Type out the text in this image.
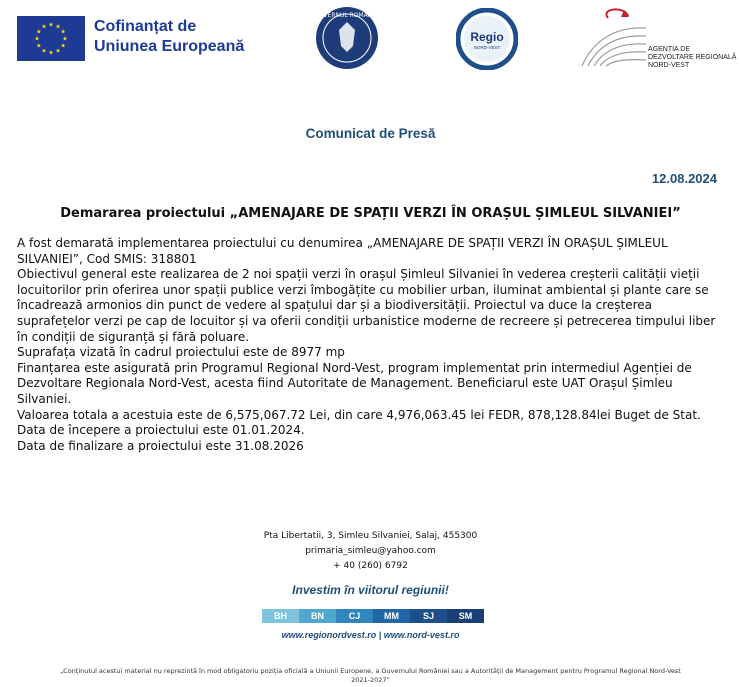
Cofinanțat de
Uniunea Europeană
GUVERNUL ROMÂNIEI
Regio
NORD-VEST	AGENȚIA DE
DEZVOLTARE REGIONALĂ
NORD-VEST
Comunicat de Presă
12.08.2024
Demararea proiectului „AMENAJARE DE SPAȚII VERZI ÎN ORAȘUL ȘIMLEUL SILVANIEI”

A fost demarată implementarea proiectului cu denumirea „AMENAJARE DE SPAȚII VERZI ÎN ORAȘUL ȘIMLEUL SILVANIEI”, Cod SMIS: 318801

Obiectivul general este realizarea de 2 noi spații verzi în orașul Șimleul Silvaniei în vederea creșterii calității vieții locuitorilor prin oferirea unor spații publice verzi îmbogățite cu mobilier urban, iluminat ambiental și plante care se încadrează armonios din punct de vedere al spațului dar și a biodiversității. Proiectul va duce la creșterea suprafețelor verzi pe cap de locuitor și va oferii condiții urbanistice moderne de recreere și petrecerea timpului liber în condiții de siguranță și fără poluare.

Suprafața vizată în cadrul proiectului este de 8977 mp

Finanțarea este asigurată prin Programul Regional Nord-Vest, program implementat prin intermediul Agenției de Dezvoltare Regionala Nord-Vest, acesta fiind Autoritate de Management. Beneficiarul este UAT Orașul Șimleu Silvaniei.

Valoarea totala a acestuia este de 6,575,067.72 Lei, din care 4,976,063.45 lei FEDR, 878,128.84lei Buget de Stat.

Data de începere a proiectului este 01.01.2024.

Data de finalizare a proiectului este 31.08.2026

Pta Libertatii, 3, Simleu Silvaniei, Salaj, 455300
primaria_simleu@yahoo.com
+ 40 (260) 6792
Investim în viitorul regiunii!
BH	BN	CJ	MM	SJ	SM
www.regionordvest.ro | www.nord-vest.ro
„Conținutul acestui material nu reprezintă în mod obligatoriu poziția oficială a Uniunii Europene, a Guvernului României sau a Autorității de Management pentru Programul Regional Nord-Vest
2021-2027”
